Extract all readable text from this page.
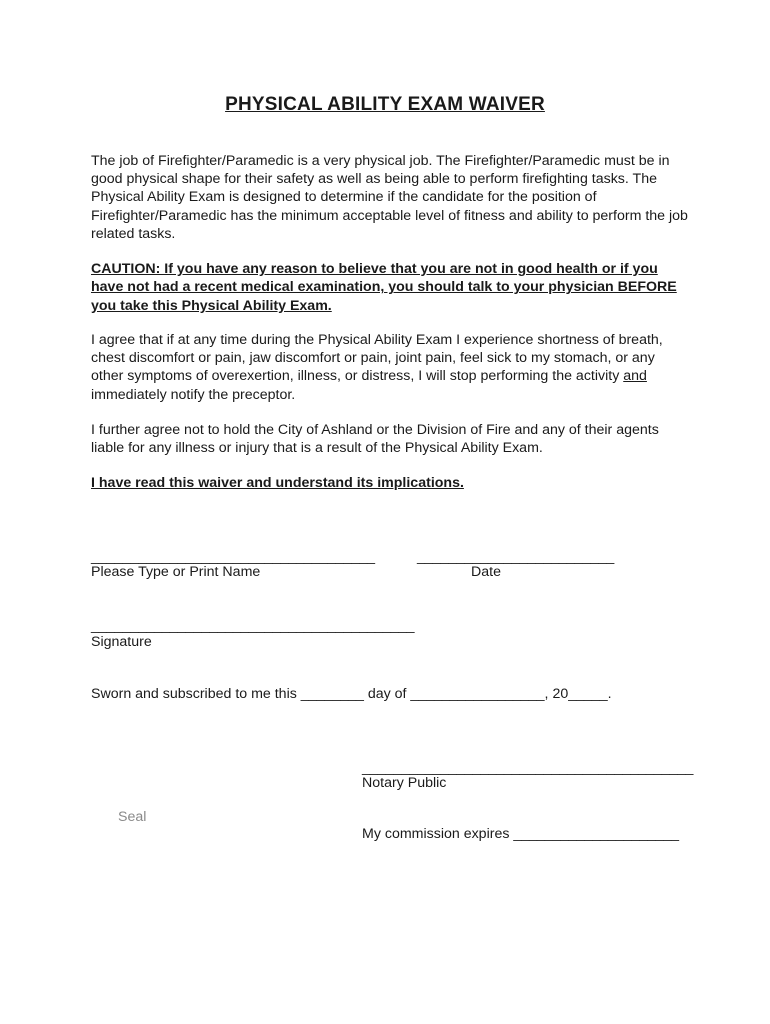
PHYSICAL ABILITY EXAM WAIVER

The job of Firefighter/Paramedic is a very physical job. The Firefighter/Paramedic must be in good physical shape for their safety as well as being able to perform firefighting tasks. The Physical Ability Exam is designed to determine if the candidate for the position of Firefighter/Paramedic has the minimum acceptable level of fitness and ability to perform the job related tasks.

CAUTION: If you have any reason to believe that you are not in good health or if you have not had a recent medical examination, you should talk to your physician BEFORE you take this Physical Ability Exam.

I agree that if at any time during the Physical Ability Exam I experience shortness of breath, chest discomfort or pain, jaw discomfort or pain, joint pain, feel sick to my stomach, or any other symptoms of overexertion, illness, or distress, I will stop performing the activity and immediately notify the preceptor.

I further agree not to hold the City of Ashland or the Division of Fire and any of their agents liable for any illness or injury that is a result of the Physical Ability Exam.

I have read this waiver and understand its implications.

____________________________________
Please Type or Print Name
_________________________
Date
_________________________________________
Signature
Sworn and subscribed to me this ________ day of _________________, 20_____.
__________________________________________
Notary Public
Seal
My commission expires _____________________
